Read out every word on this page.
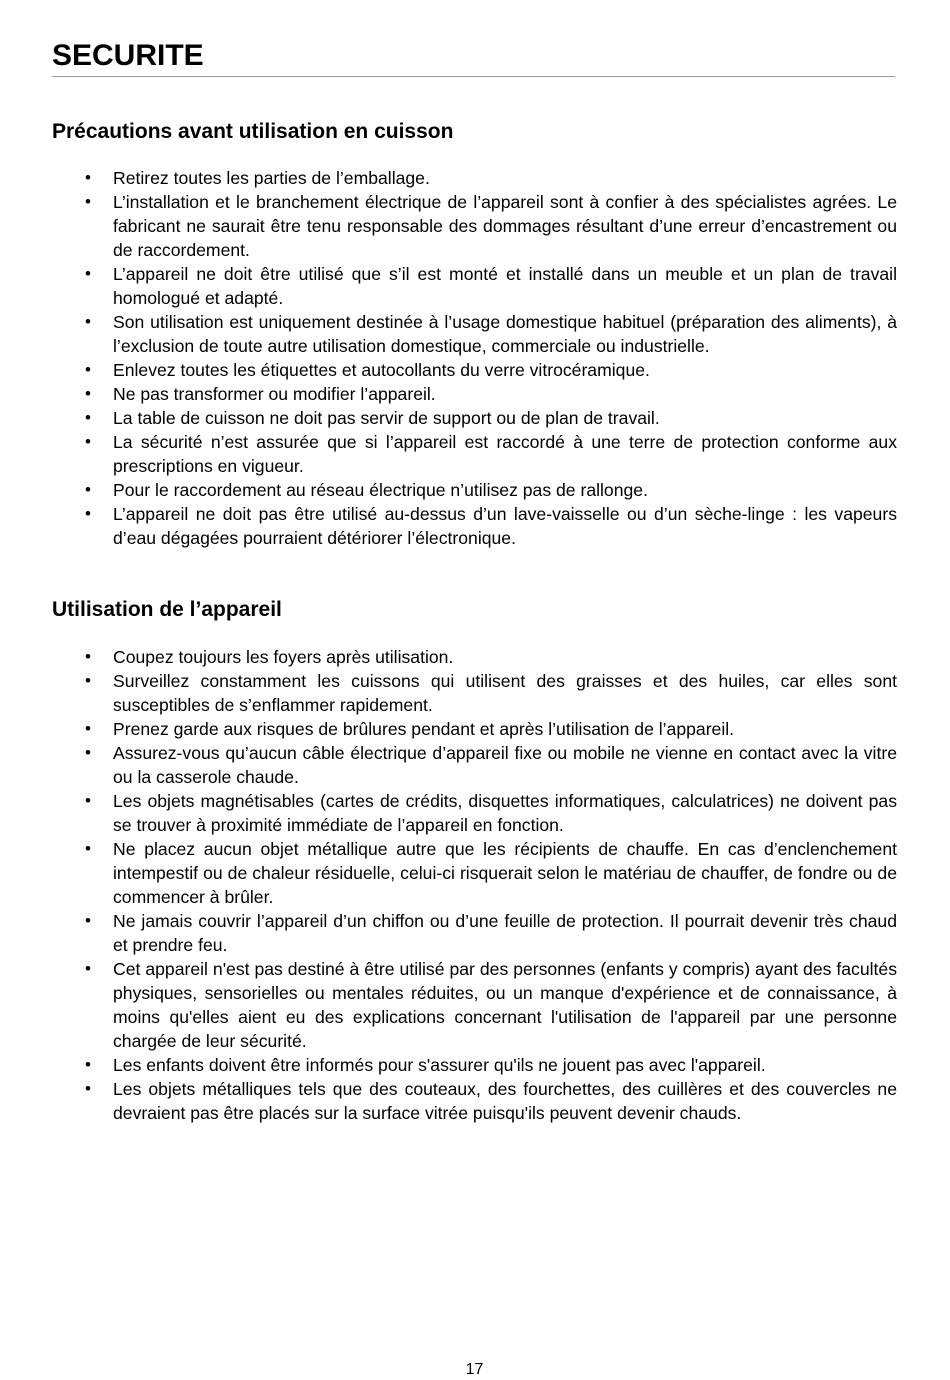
SECURITE
Précautions avant utilisation en cuisson
• Retirez toutes les parties de l’emballage.
• L’installation et le branchement électrique de l’appareil sont à confier à des spécialistes agrées. Le fabricant ne saurait être tenu responsable des dommages résultant d’une erreur d’encastrement ou de raccordement.
• L’appareil ne doit être utilisé que s’il est monté et installé dans un meuble et un plan de travail homologué et adapté.
• Son utilisation est uniquement destinée à l’usage domestique habituel (préparation des aliments), à l’exclusion de toute autre utilisation domestique, commerciale ou industrielle.
• Enlevez toutes les étiquettes et autocollants du verre vitrocéramique.
• Ne pas transformer ou modifier l’appareil.
• La table de cuisson ne doit pas servir de support ou de plan de travail.
• La sécurité n’est assurée que si l’appareil est raccordé à une terre de protection conforme aux prescriptions en vigueur.
• Pour le raccordement au réseau électrique n’utilisez pas de rallonge.
• L’appareil ne doit pas être utilisé au-dessus d’un lave-vaisselle ou d’un sèche-linge : les vapeurs d’eau dégagées pourraient détériorer l’électronique.
Utilisation de l’appareil
• Coupez toujours les foyers après utilisation.
• Surveillez constamment les cuissons qui utilisent des graisses et des huiles, car elles sont susceptibles de s’enflammer rapidement.
• Prenez garde aux risques de brûlures pendant et après l’utilisation de l’appareil.
• Assurez-vous qu’aucun câble électrique d’appareil fixe ou mobile ne vienne en contact avec la vitre ou la casserole chaude.
• Les objets magnétisables (cartes de crédits, disquettes informatiques, calculatrices) ne doivent pas se trouver à proximité immédiate de l’appareil en fonction.
• Ne placez aucun objet métallique autre que les récipients de chauffe. En cas d’enclenchement intempestif ou de chaleur résiduelle, celui-ci risquerait selon le matériau de chauffer, de fondre ou de commencer à brûler.
• Ne jamais couvrir l’appareil d’un chiffon ou d’une feuille de protection. Il pourrait devenir très chaud et prendre feu.
• Cet appareil n'est pas destiné à être utilisé par des personnes (enfants y compris) ayant des facultés physiques, sensorielles ou mentales réduites, ou un manque d'expérience et de connaissance, à moins qu'elles aient eu des explications concernant l'utilisation de l'appareil par une personne chargée de leur sécurité.
• Les enfants doivent être informés pour s'assurer qu'ils ne jouent pas avec l'appareil.
• Les objets métalliques tels que des couteaux, des fourchettes, des cuillères et des couvercles ne devraient pas être placés sur la surface vitrée puisqu'ils peuvent devenir chauds.
17
